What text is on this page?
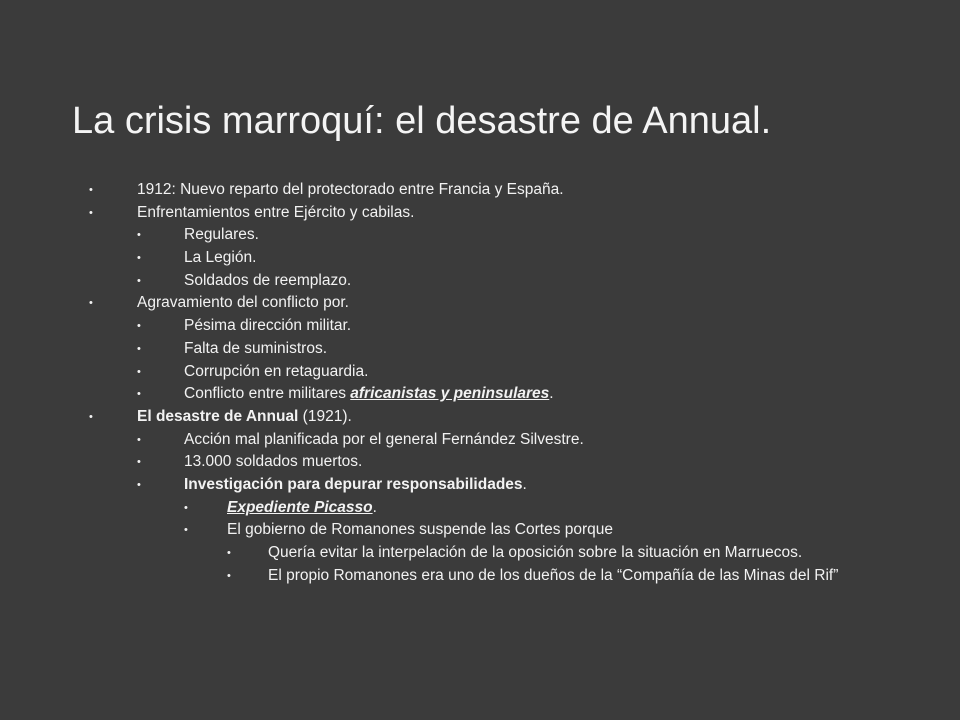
La crisis marroquí: el desastre de Annual.
•	1912: Nuevo reparto del protectorado entre Francia y España.
•	Enfrentamientos entre Ejército y cabilas.
•	Regulares.
•	La Legión.
•	Soldados de reemplazo.
•	Agravamiento del conflicto por.
•	Pésima dirección militar.
•	Falta de suministros.
•	Corrupción en retaguardia.
•	Conflicto entre militares africanistas y peninsulares.
•	El desastre de Annual (1921).
•	Acción mal planificada por el general Fernández Silvestre.
•	13.000 soldados muertos.
•	Investigación para depurar responsabilidades.
•	Expediente Picasso.
•	El gobierno de Romanones suspende las Cortes porque
• Quería evitar la interpelación de la oposición sobre la situación en Marruecos.
• El propio Romanones era uno de los dueños de la “Compañía de las Minas del Rif”
